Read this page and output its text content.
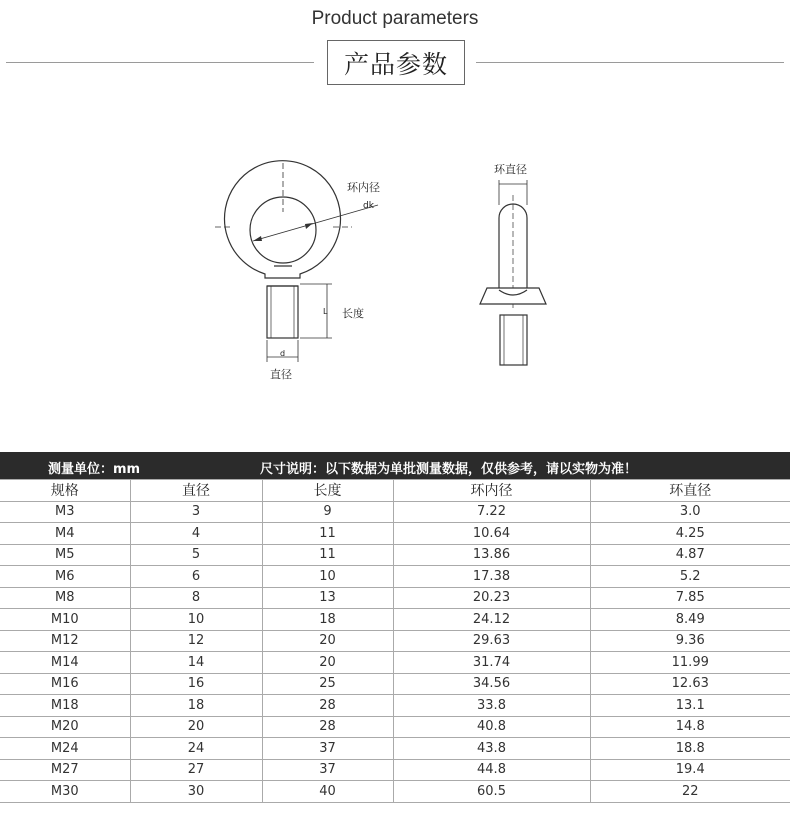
Product parameters
产品参数
环内径
dk
长度
L
d
直径
环直径
测量单位：mm	尺寸说明：以下数据为单批测量数据，仅供参考，请以实物为准！
规格	直径	长度	环内径	环直径
M3	3	9	7.22	3.0
M4	4	11	10.64	4.25
M5	5	11	13.86	4.87
M6	6	10	17.38	5.2
M8	8	13	20.23	7.85
M10	10	18	24.12	8.49
M12	12	20	29.63	9.36
M14	14	20	31.74	11.99
M16	16	25	34.56	12.63
M18	18	28	33.8	13.1
M20	20	28	40.8	14.8
M24	24	37	43.8	18.8
M27	27	37	44.8	19.4
M30	30	40	60.5	22
